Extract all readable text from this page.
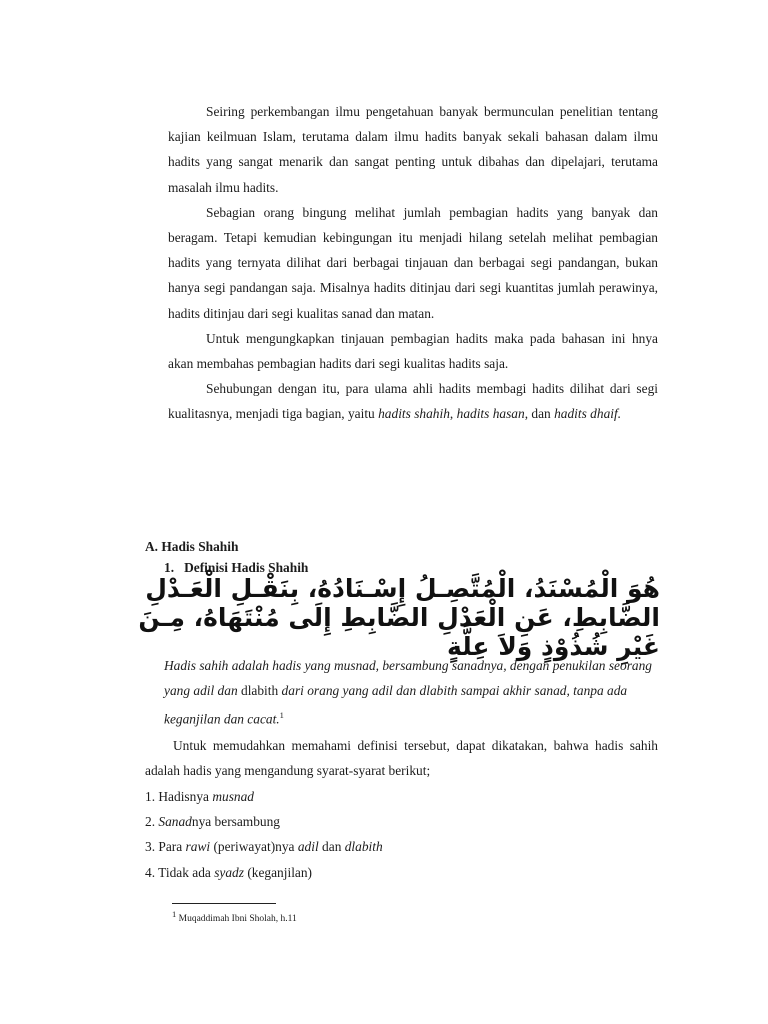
Seiring perkembangan ilmu pengetahuan banyak bermunculan penelitian tentang kajian keilmuan Islam, terutama dalam ilmu hadits banyak sekali bahasan dalam ilmu hadits yang sangat menarik dan sangat penting untuk dibahas dan dipelajari, terutama masalah ilmu hadits.

Sebagian orang bingung melihat jumlah pembagian hadits yang banyak dan beragam. Tetapi kemudian kebingungan itu menjadi hilang setelah melihat pembagian hadits yang ternyata dilihat dari berbagai tinjauan dan berbagai segi pandangan, bukan hanya segi pandangan saja. Misalnya hadits ditinjau dari segi kuantitas jumlah perawinya, hadits ditinjau dari segi kualitas sanad dan matan.

Untuk mengungkapkan tinjauan pembagian hadits maka pada bahasan ini hnya akan membahas pembagian hadits dari segi kualitas hadits saja.

Sehubungan dengan itu, para ulama ahli hadits membagi hadits dilihat dari segi kualitasnya, menjadi tiga bagian, yaitu hadits shahih, hadits hasan, dan hadits dhaif.

A. Hadis Shahih

1.   Definisi Hadis Shahih

هُوَ الْمُسْنَدُ، الْمُتَّصِـلُ إِسْـنَادُهُ، بِنَقْـلِ الْعَـدْلِ
الضَّابِطِ، عَنِ الْعَدْلِ الضَّابِطِ إِلَى مُنْتَهَاهُ، مِـنَ
غَيْرِ شُذُوْذٍ وَلاَ عِلَّةٍ

Hadis sahih adalah hadis yang musnad, bersambung sanadnya, dengan penukilan seorang yang adil dan dlabith dari orang yang adil dan dlabith sampai akhir sanad, tanpa ada keganjilan dan cacat.$^1$

Untuk memudahkan memahami definisi tersebut, dapat dikatakan, bahwa hadis sahih adalah hadis yang mengandung syarat-syarat berikut;

1. Hadisnya musnad

2. Sanadnya bersambung

3. Para rawi (periwayat)nya adil dan dlabith

4. Tidak ada syadz (keganjilan)

$^1$ Muqaddimah Ibni Sholah, h.11
